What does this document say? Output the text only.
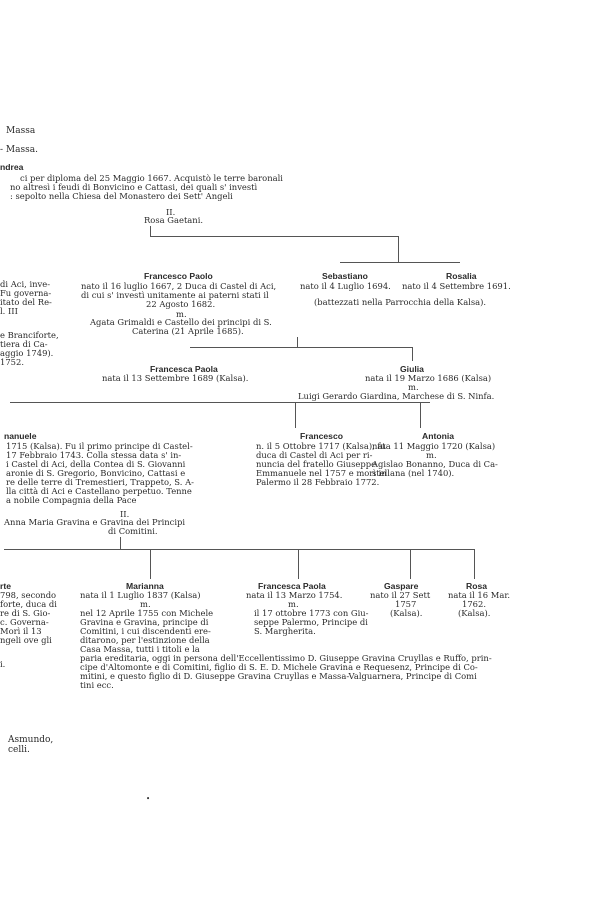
Massa
- Massa.
ndrea
ci per diploma del 25 Maggio 1667. Acquistò le terre baronali
no altresì i feudi di Bonvicino e Cattasi, dei quali s' investì
: sepolto nella Chiesa del Monastero dei Sett' Angeli
II.
Rosa Gaetani.
di Aci, inve-
Fu governa-
itato del Re-
l. III
e Branciforte,
tiera di Ca-
aggio 1749).
1752.
Francesco Paolo
nato il 16 luglio 1667, 2 Duca di Castel di Aci,
di cui s' investì unitamente ai paterni stati il
22 Agosto 1682.
m.
Agata Grimaldi e Castello dei principi di S.
Caterina (21 Aprile 1685).
Sebastiano
nato il 4 Luglio 1694.
Rosalia
nato il 4 Settembre 1691.
(battezzati nella Parrocchia della Kalsa).
Francesca Paola
nata il 13 Settembre 1689 (Kalsa).
Giulia
nata il 19 Marzo 1686 (Kalsa)
m.
Luigi Gerardo Giardina, Marchese di S. Ninfa.
nanuele
1715 (Kalsa). Fu il primo principe di Castel-
17 Febbraio 1743. Colla stessa data s' in-
i Castel di Aci, della Contea di S. Giovanni
aronie di S. Gregorio, Bonvicino, Cattasi e
re delle terre di Tremestieri, Trappeto, S. A-
lla città di Aci e Castellano perpetuo. Tenne
a nobile Compagnia della Pace
II.
Anna Maria Gravina e Gravina dei Principi
di Comitini.
Francesco
n. il 5 Ottobre 1717 (Kalsa), fu
duca di Castel di Aci per ri-
nuncia del fratello Giuseppe
Emmanuele nel 1757 e morì in
Palermo il 28 Febbraio 1772.
Antonia
nata 11 Maggio 1720 (Kalsa)
m.
Agislao Bonanno, Duca di Ca-
stellana (nel 1740).
rte
798, secondo
forte, duca di
re di S. Gio-
c. Governa-
Morì il 13
ngeli ove gli
i.
Marianna
nata il 1 Luglio 1837 (Kalsa)
m.
nel 12 Aprile 1755 con Michele
Gravina e Gravina, principe di
Comitini, i cui discendenti ere-
ditarono, per l'estinzione della
Casa Massa, tutti i titoli e la
paria ereditaria, oggi in persona dell'Eccellentissimo D. Giuseppe Gravina Cruyllas e Ruffo, prin-
cipe d'Altomonte e di Comitini, figlio di S. E. D. Michele Gravina e Requesenz, Principe di Co-
mitini, e questo figlio di D. Giuseppe Gravina Cruyllas e Massa-Valguarnera, Principe di Comi
tini ecc.
Francesca Paola
nata il 13 Marzo 1754.
m.
il 17 ottobre 1773 con Giu-
seppe Palermo, Principe di
S. Margherita.
Gaspare
nato il 27 Sett
1757
(Kalsa).
Rosa
nata il 16 Mar.
1762.
(Kalsa).
Asmundo,
celli.
•
